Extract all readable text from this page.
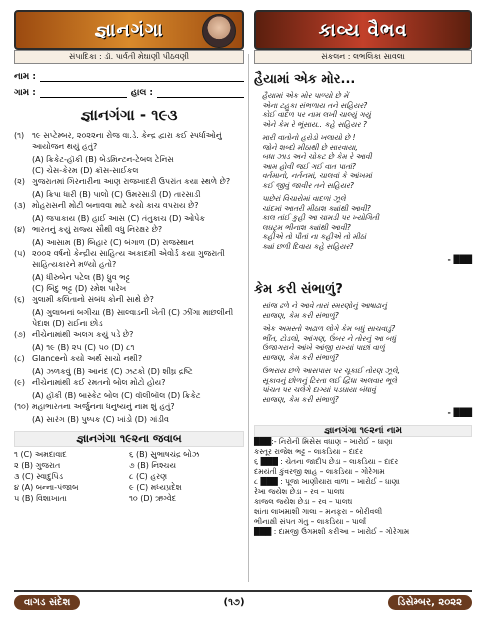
જ્ઞાનગંગા
સંપાદિકા : ડૉ. પાર્વતી મેઘાણી પીઠવણી
કાવ્ય વૈભવ
સંકલન : લભલિકા સાવલા
નામ :
ગામ :	હાલ :
જ્ઞાનગંગા - ૧૯૩
(૧) ૧૯ સપ્ટેમ્બર, ૨૦૨૨ના રોજ વા.ડે. કેન્દ્ર દ્વારા કઈ સ્પર્ધાઓનું આયોજન થયું હતું?
(A) ક્રિકેટ-હૉકી (B) બેડમિન્ટન-ટેબલ ટેનિસ
(C) ચેસ-કેરમ (D) ક્રૉસ-સાઈકલ
(૨) ગુજરાતમાં ગિરનારીના આણ રાજખાદરી ઉપરાંત કયા સ્થળે છે?
(A) ક્રિપા ધારી (B) પાલો (C) ઉમરસાડી (D) તારસાડી
(૩) મોહરાસની મોટી બનાવવા માટે કયો કાચ વપરાય છે?
(A) જપાકાય (B) હાઈ આસ (C) તંતુકાચ (D) ઓપેક
(૪) ભારતનું કયું રાજ્ય સૌથી વધુ નિરક્ષર છે?
(A) આસામ (B) બિહાર (C) બંગાળ (D) રાજસ્થાન
(૫) ૨૦૦૨ વર્ષનો કેન્દ્રીય સાહિત્ય અકાદમી એવોર્ડ કયા ગુજરાતી સાહિત્યકારને મળ્યો હતો?
(A) ધીરુબેન પટેલ (B) ધ્રુવ ભટ્ટ
(C) બિંદુ ભટ્ટ (D) રમેશ પારેખ
(૬) ગુલામી કલિતાનો સંબંધ કોની સાથે છે?
(A) ગુલાબનાં બગીચા (B) સાલ્વાડની ખેતી (C) ઝીંગા માછલીની પેદાશ (D) રાઈના છોડ
(૭) નીચેનામાંથી અલગ કયું પડે છે?
(A) ૧૯ (B) ૨૫ (C) ૫૦ (D) ૮૧
(૮) Glanceનો કયો અર્થ સાચો નથી?
(A) ઝળકવું (B) આનંદ (C) ઝટકો (D) શીઘ્ર દ્રષ્ટિ
(૯) નીચેનામાંથી કઈ રમતનો બોલ મોટો હોય?
(A) હૉકી (B) બાસ્કેટ બોલ (C) વૉલીબૉલ (D) ક્રિકેટ
(૧૦) મહાભારતના અર્જુનના ધનુષ્યનું નામ શું હતું?
(A) સારંગ (B) પુષ્પક (C) ખાંડો (D) ગાંડીવ
જ્ઞાનગંગા ૧૯૨ના જવાબ
૧ (C) અમદાવાદ	૬ (B) સુભાષચંદ્ર બોઝ
૨ (B) ગુજરાત	૭ (B) નિશ્ચય
૩ (C) સ્વાદુપિંડ	૮ (C) હરણ
૪ (A) બન્ના-પંજાબ	૯ (C) મધ્યપ્રદેશ
૫ (B) વિશાખાતા	૧૦ (D) ઋગ્વેદ
હૈયામાં એક મોર...
હૈયામાં એક મોર પાળ્યો છે મેં
એના ટહુકા સંભળાય તને સહિયર?
કોઈ વાદળ પર નામ લખી ચાલ્યું ગયું
એને કેમ રે ભૂંસાય.. કહે સહિયર ?
મારી વાતોનો હરોડો ખલાયો છે !
જોને શબ્દો મીઠાથી છે સારવાયા,
બધા ઝાડ અને ચોકટ છે કેમ રે આવી
આમ હોવી જઈ ગઈ વાત પાતાં?
વર્તમાનો, નર્તનમાં, ચાલવાં કે આંખમાં
કઈ જીવું જાવીર તને સહિયર?
પાછેરાં વિચારોમાં વાદળાં ઝૂલે
ચાંદમાં આતરી મીઠાશ ક્યાંથી આવી?
કાલ તાંઈ કુહી આ ચામડી પર ખ્યોગિતી
લઘટ્રમ ભીનાશ ક્યાંથી આવી?
કહીએ તો પૌતાં ના કહીએ તો મીઠાં
ક્યાં છળી દિવાય કહે સહિયર?
- ███
કેમ કરી સંભાળું?
સાંજ ઢળે ને આવે તારાં સ્મરણોનું આષાઢાનું
સાજણ, કેમ કરી સંભાળું?
એક અમસ્તો અઢાળ લોગે કેમ બધું સાચવાડું?
ભીંત, ટોડલો, આંગણ, ઉંબર ને તોરનું આ બધું
ઉજાગરાને આંખે આંજી રાખ્યાં પાછાં વાળું
સાજણ, કેમ કરી સંભાળું?
ઉભરાય છળે આસપાસ પર ચૂકાઈ તોરણ ઝૂલે,
સૂકાવનું છોળનું ટિરતા લઈ દ્વિધા અલવાર ભૂલે
પાંચત પર ચલેગે દાગ્યાં પડઘાયા બંધાવું
સાજણ, કેમ કરી સંભાળું?
- ███
જ્ઞાનગંગા ૧૯૨નાં નામ
███:- નિરોની મિસેસ વધાણ – ખારોઈ – ધાણા
કસ્તૂર રાજેશ ભટ્ટ – લાકડિયા – દાદર
૬ ███ : ચેતના જાદીપ છેડા – લાકડિયા – દાદર
દમયંતી કુંવરજી શાહ – લાકડિયા – ગોરેગામ
૮ ███ : પૂજા ખાણીયારા વાળા – ખારોઈ – ધાણા
રેખા જયેશ છેડા – રવ – પાલઘ
કાજલ જયેશ છેડા – રવ – પાલઘ
શાંતા લાખમાશી ગાલા – મનફરા – બોરીવલી
ભીનાક્ષી સંપત ગંતુ – લાકડિયા – પાર્લા
███ : દામજી ઉગમશી કરીઆ – ખારોઈ – ગોરેગામ
વાગડ સંદેશ	(૧૭)	ડિસેમ્બર, ૨૦૨૨
